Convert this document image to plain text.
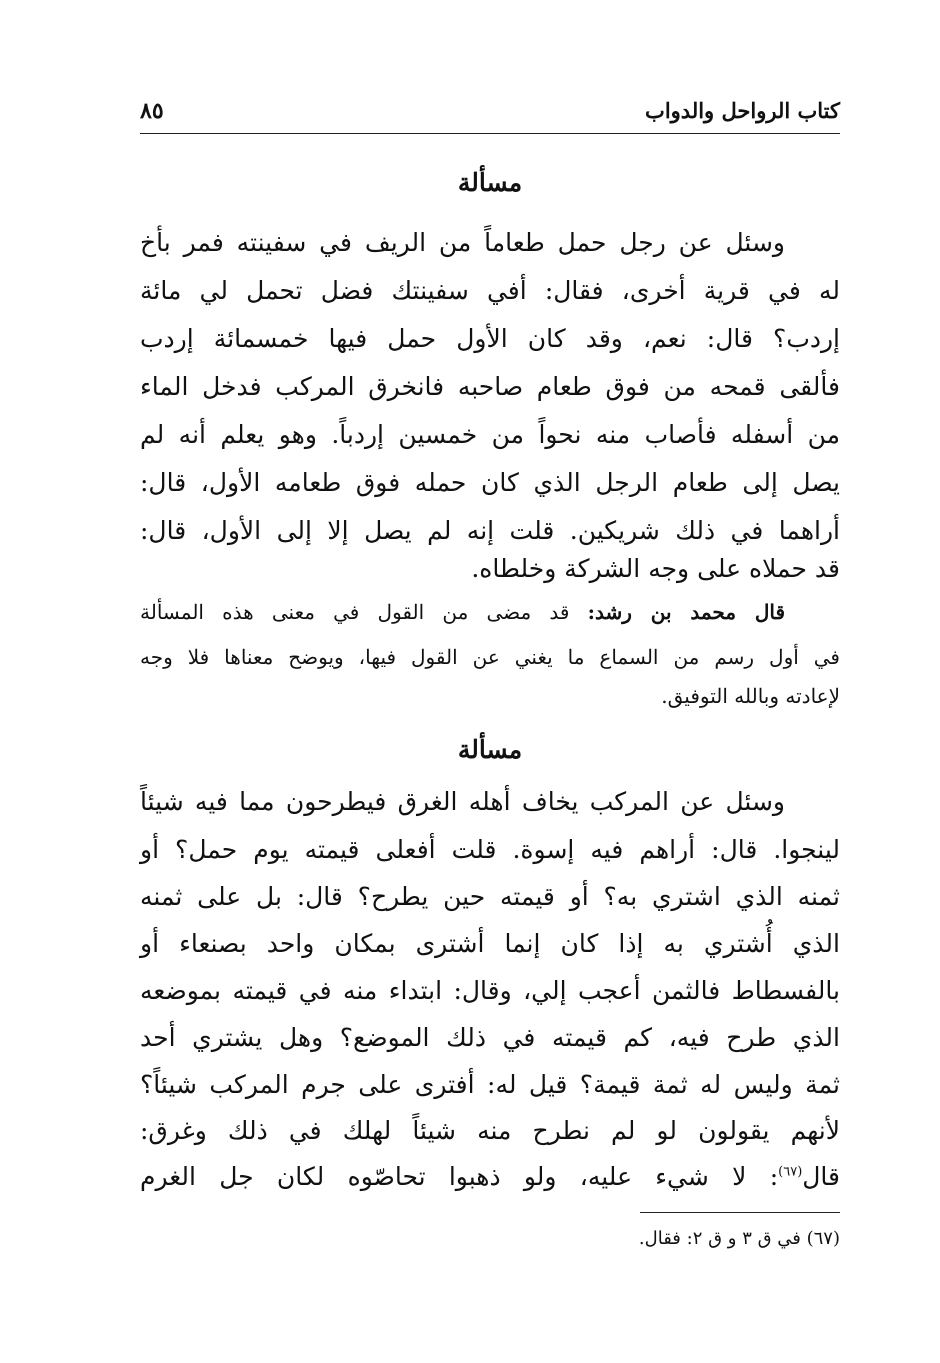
كتاب الرواحل والدواب
٨٥
مسألة
وسئل عن رجل حمل طعاماً من الريف في سفينته فمر بأخ
له في قرية أخرى، فقال: أفي سفينتك فضل تحمل لي مائة
إردب؟ قال: نعم، وقد كان الأول حمل فيها خمسمائة إردب
فألقى قمحه من فوق طعام صاحبه فانخرق المركب فدخل الماء
من أسفله فأصاب منه نحواً من خمسين إردباً. وهو يعلم أنه لم
يصل إلى طعام الرجل الذي كان حمله فوق طعامه الأول، قال:
أراهما في ذلك شريكين. قلت إنه لم يصل إلا إلى الأول، قال:
قد حملاه على وجه الشركة وخلطاه.
قال محمد بن رشد: قد مضى من القول في معنى هذه المسألة
في أول رسم من السماع ما يغني عن القول فيها، ويوضح معناها فلا وجه
لإعادته وبالله التوفيق.
مسألة
وسئل عن المركب يخاف أهله الغرق فيطرحون مما فيه شيئاً
لينجوا. قال: أراهم فيه إسوة. قلت أفعلى قيمته يوم حمل؟ أو
ثمنه الذي اشتري به؟ أو قيمته حين يطرح؟ قال: بل على ثمنه
الذي أُشتري به إذا كان إنما أشترى بمكان واحد بصنعاء أو
بالفسطاط فالثمن أعجب إلي، وقال: ابتداء منه في قيمته بموضعه
الذي طرح فيه، كم قيمته في ذلك الموضع؟ وهل يشتري أحد
ثمة وليس له ثمة قيمة؟ قيل له: أفترى على جرم المركب شيئاً؟
لأنهم يقولون لو لم نطرح منه شيئاً لهلك في ذلك وغرق:
قال$^{(٦٧)}$: لا شيء عليه، ولو ذهبوا تحاصّوه لكان جل الغرم
(٦٧) في ق ٣ و ق ٢: فقال.
